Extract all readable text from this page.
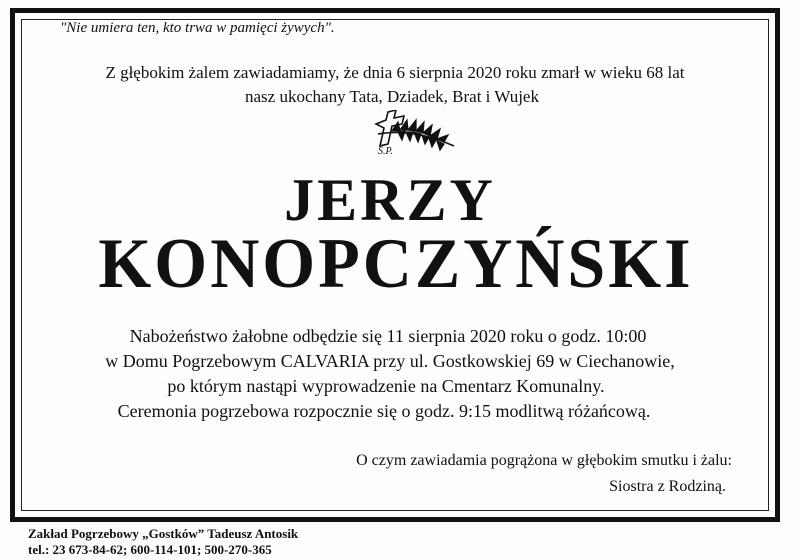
"Nie umiera ten, kto trwa w pamięci żywych".
Z głębokim żalem zawiadamiamy, że dnia 6 sierpnia 2020 roku zmarł w wieku 68 lat
nasz ukochany Tata, Dziadek, Brat i Wujek
Ś.P.
JERZY
KONOPCZYŃSKI
Nabożeństwo żałobne odbędzie się 11 sierpnia 2020 roku o godz. 10:00
w Domu Pogrzebowym CALVARIA przy ul. Gostkowskiej 69 w Ciechanowie,
po którym nastąpi wyprowadzenie na Cmentarz Komunalny.
Ceremonia pogrzebowa rozpocznie się o godz. 9:15 modlitwą różańcową.
O czym zawiadamia pogrążona w głębokim smutku i żalu:
Siostra z Rodziną.
Zakład Pogrzebowy „Gostków” Tadeusz Antosik
tel.: 23 673-84-62; 600-114-101; 500-270-365
